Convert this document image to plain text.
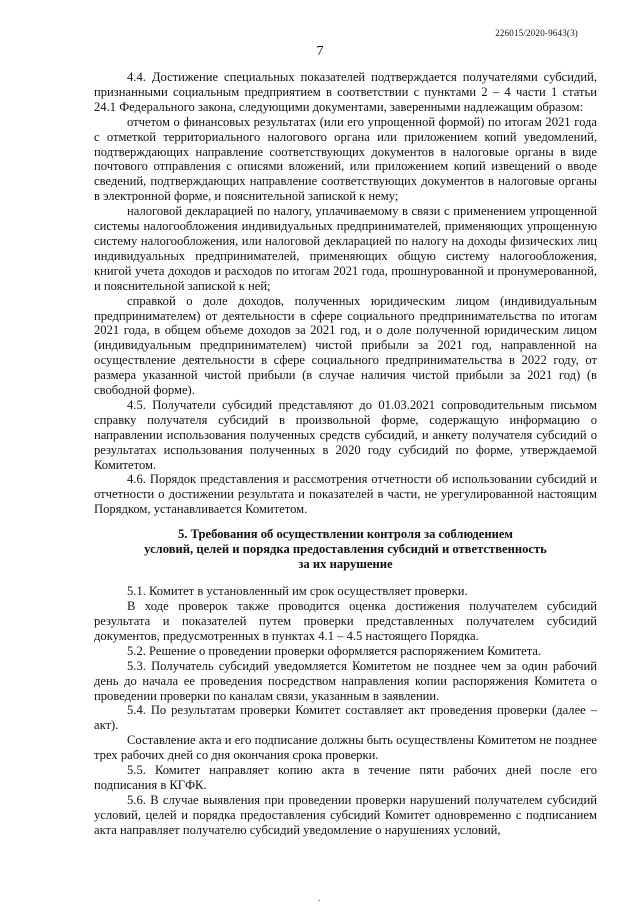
226015/2020-9643(3)
7

4.4. Достижение специальных показателей подтверждается получателями субсидий, признанными социальным предприятием в соответствии с пунктами 2 – 4 части 1 статьи 24.1 Федерального закона, следующими документами, заверенными надлежащим образом:

отчетом о финансовых результатах (или его упрощенной формой) по итогам 2021 года с отметкой территориального налогового органа или приложением копий уведомлений, подтверждающих направление соответствующих документов в налоговые органы в виде почтового отправления с описями вложений, или приложением копий извещений о вводе сведений, подтверждающих направление соответствующих документов в налоговые органы в электронной форме, и пояснительной запиской к нему;

налоговой декларацией по налогу, уплачиваемому в связи с применением упрощенной системы налогообложения индивидуальных предпринимателей, применяющих упрощенную систему налогообложения, или налоговой декларацией по налогу на доходы физических лиц индивидуальных предпринимателей, применяющих общую систему налогообложения, книгой учета доходов и расходов по итогам 2021 года, прошнурованной и пронумерованной, и пояснительной запиской к ней;

справкой о доле доходов, полученных юридическим лицом (индивидуальным предпринимателем) от деятельности в сфере социального предпринимательства по итогам 2021 года, в общем объеме доходов за 2021 год, и о доле полученной юридическим лицом (индивидуальным предпринимателем) чистой прибыли за 2021 год, направленной на осуществление деятельности в сфере социального предпринимательства в 2022 году, от размера указанной чистой прибыли (в случае наличия чистой прибыли за 2021 год) (в свободной форме).

4.5. Получатели субсидий представляют до 01.03.2021 сопроводительным письмом справку получателя субсидий в произвольной форме, содержащую информацию о направлении использования полученных средств субсидий, и анкету получателя субсидий о результатах использования полученных в 2020 году субсидий по форме, утверждаемой Комитетом.

4.6. Порядок представления и рассмотрения отчетности об использовании субсидий и отчетности о достижении результата и показателей в части, не урегулированной настоящим Порядком, устанавливается Комитетом.

5. Требования об осуществлении контроля за соблюдением
условий, целей и порядка предоставления субсидий и ответственность
за их нарушение

5.1. Комитет в установленный им срок осуществляет проверки.

В ходе проверок также проводится оценка достижения получателем субсидий результата и показателей путем проверки представленных получателем субсидий документов, предусмотренных в пунктах 4.1 – 4.5 настоящего Порядка.

5.2. Решение о проведении проверки оформляется распоряжением Комитета.

5.3. Получатель субсидий уведомляется Комитетом не позднее чем за один рабочий день до начала ее проведения посредством направления копии распоряжения Комитета о проведении проверки по каналам связи, указанным в заявлении.

5.4. По результатам проверки Комитет составляет акт проведения проверки (далее – акт).

Составление акта и его подписание должны быть осуществлены Комитетом не позднее трех рабочих дней со дня окончания срока проверки.

5.5. Комитет направляет копию акта в течение пяти рабочих дней после его подписания в КГФК.

5.6. В случае выявления при проведении проверки нарушений получателем субсидий условий, целей и порядка предоставления субсидий Комитет одновременно с подписанием акта направляет получателю субсидий уведомление о нарушениях условий,

.
